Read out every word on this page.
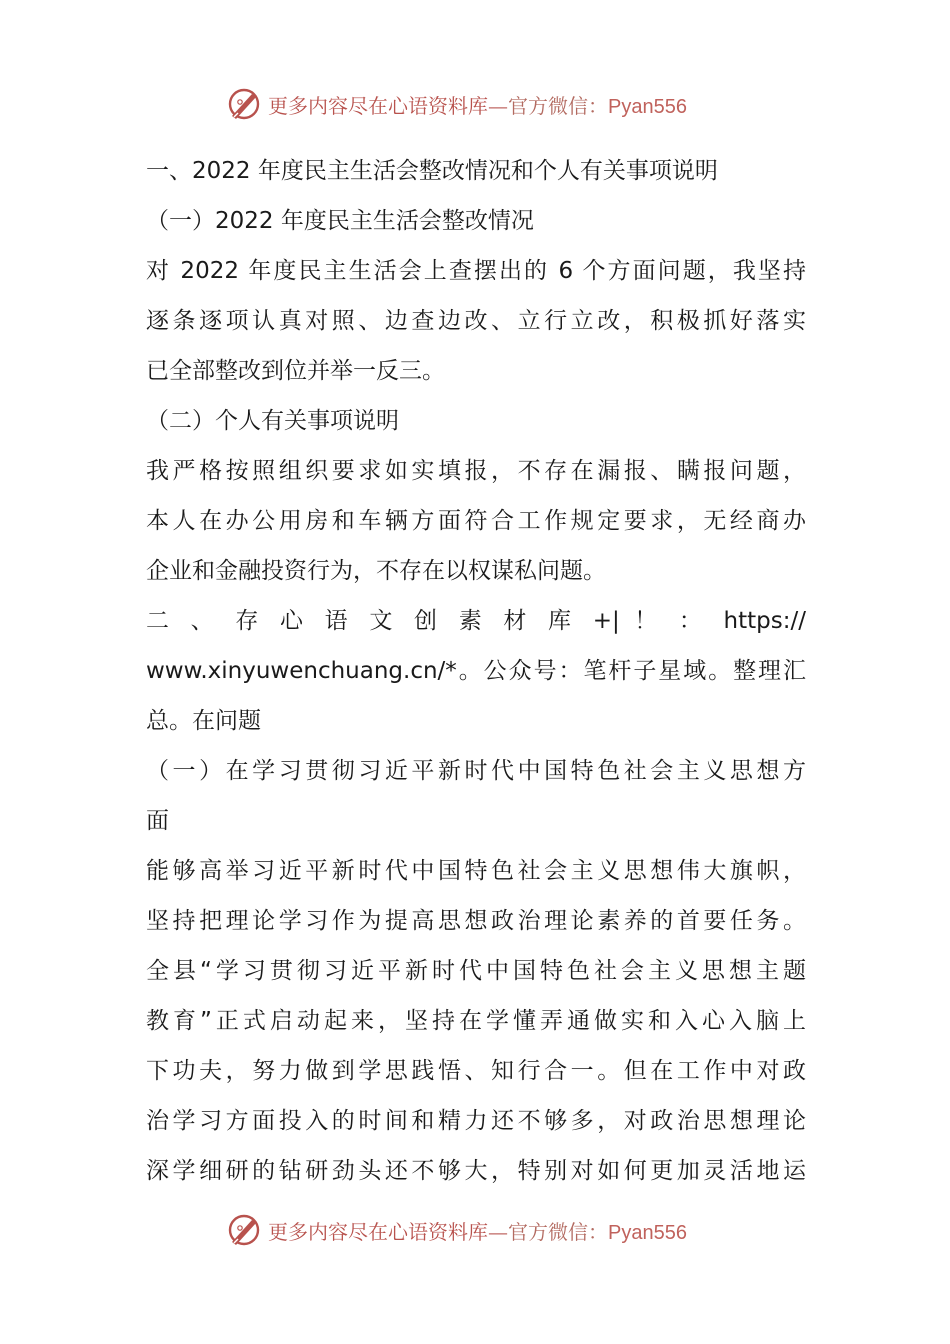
更多内容尽在心语资料库—官方微信：Pyan556
一、2022 年度民主生活会整改情况和个人有关事项说明
（一）2022 年度民主生活会整改情况
对 2022 年度民主生活会上查摆出的 6 个方面问题，我坚持
逐条逐项认真对照、边查边改、立行立改，积极抓好落实
已全部整改到位并举一反三。
（二）个人有关事项说明
我严格按照组织要求如实填报，不存在漏报、瞒报问题，
本人在办公用房和车辆方面符合工作规定要求，无经商办
企业和金融投资行为，不存在以权谋私问题。
二 、 存 心 语 文 创 素 材 库 +| ！ ： https://
www.xinyuwenchuang.cn/*。公众号：笔杆子星域。整理汇
总。在问题
（一）在学习贯彻习近平新时代中国特色社会主义思想方
面
能够高举习近平新时代中国特色社会主义思想伟大旗帜，
坚持把理论学习作为提高思想政治理论素养的首要任务。
全县“学习贯彻习近平新时代中国特色社会主义思想主题
教育”正式启动起来，坚持在学懂弄通做实和入心入脑上
下功夫，努力做到学思践悟、知行合一。但在工作中对政
治学习方面投入的时间和精力还不够多，对政治思想理论
深学细研的钻研劲头还不够大，特别对如何更加灵活地运
更多内容尽在心语资料库—官方微信：Pyan556
